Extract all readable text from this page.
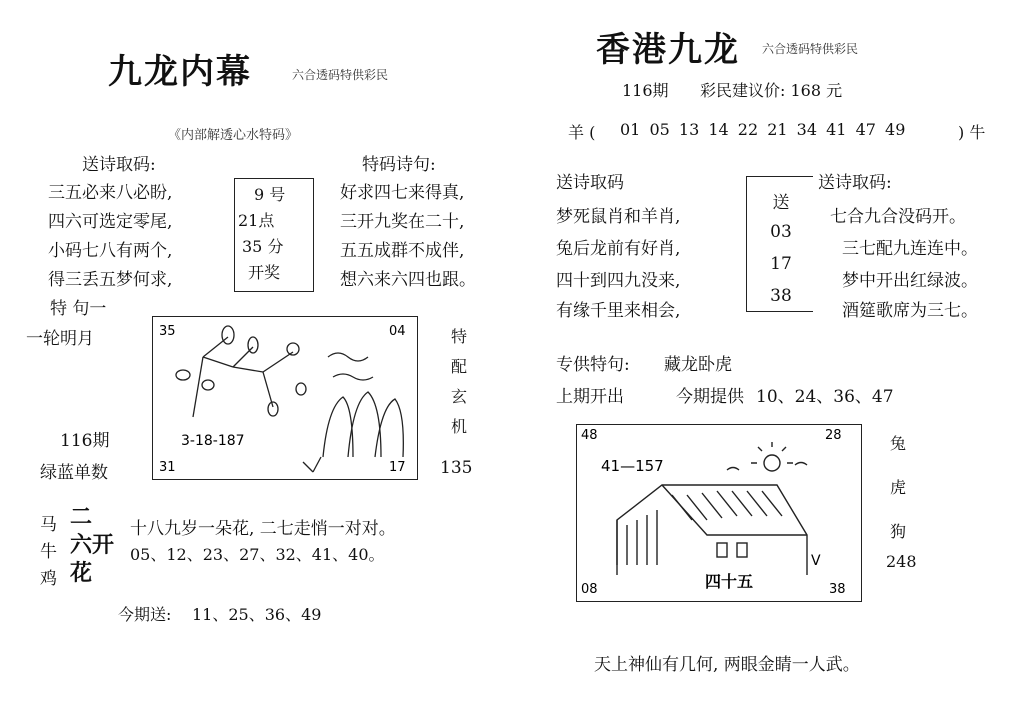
九龙内幕	六合透码特供彩民
《内部解透心水特码》
送诗取码:	特码诗句:
三五必来八必盼,
四六可选定零尾,
小码七八有两个,
得三丢五梦何求,
9 号
21点
35 分
开奖
好求四七来得真,
三开九奖在二十,
五五成群不成伴,
想六来六四也跟。
特 句一
一轮明月	35	04
31	17
3-18-187
特
配
玄
机
116期
绿蓝单数	135
马
牛
鸡
二
六开
花
十八九岁一朵花, 二七走悄一对对。
05、12、23、27、32、41、40。
今期送: 11、25、36、49
香港九龙 六合透码特供彩民
116期 彩民建议价: 168 元
羊 ( 01 05 13 14 22 21 34 41 47 49	) 牛
送诗取码	送诗取码:
梦死鼠肖和羊肖,
兔后龙前有好肖,
四十到四九没来,
有缘千里来相会,
送
03
17
38
七合九合没码开。
三七配九连连中。
梦中开出红绿波。
酒筵歌席为三七。
专供特句: 藏龙卧虎
上期开出	今期提供 10、24、36、47
48	28
08	38
41—157
四十五
V
兔
虎
狗
248
天上神仙有几何, 两眼金睛一人武。
